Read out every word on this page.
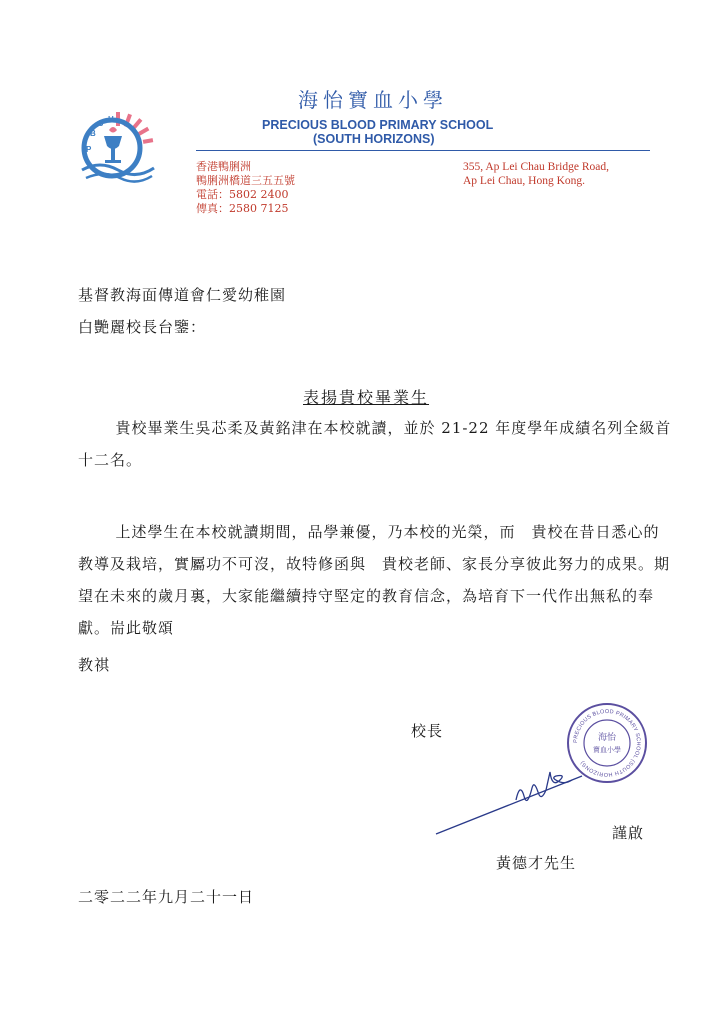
P
B
S H
海怡寶血小學
PRECIOUS BLOOD PRIMARY SCHOOL
(SOUTH HORIZONS)
香港鴨脷洲
鴨脷洲橋道三五五號
電話：5802 2400
傳真：2580 7125
355, Ap Lei Chau Bridge Road,
Ap Lei Chau, Hong Kong.
基督教海面傳道會仁愛幼稚園
白艷麗校長台鑒：
表揚貴校畢業生
貴校畢業生吳芯柔及黃銘津在本校就讀，並於 21-22 年度學年成績名列全級首十二名。
上述學生在本校就讀期間，品學兼優，乃本校的光榮，而　貴校在昔日悉心的教導及栽培，實屬功不可沒，故特修函與　貴校老師、家長分享彼此努力的成果。期望在未來的歲月裏，大家能繼續持守堅定的教育信念，為培育下一代作出無私的奉獻。耑此敬頌
教祺
校長
PRECIOUS BLOOD PRIMARY SCHOOL (SOUTH HORIZONS)
海怡
寶血小學
謹啟
黃德才先生
二零二二年九月二十一日
